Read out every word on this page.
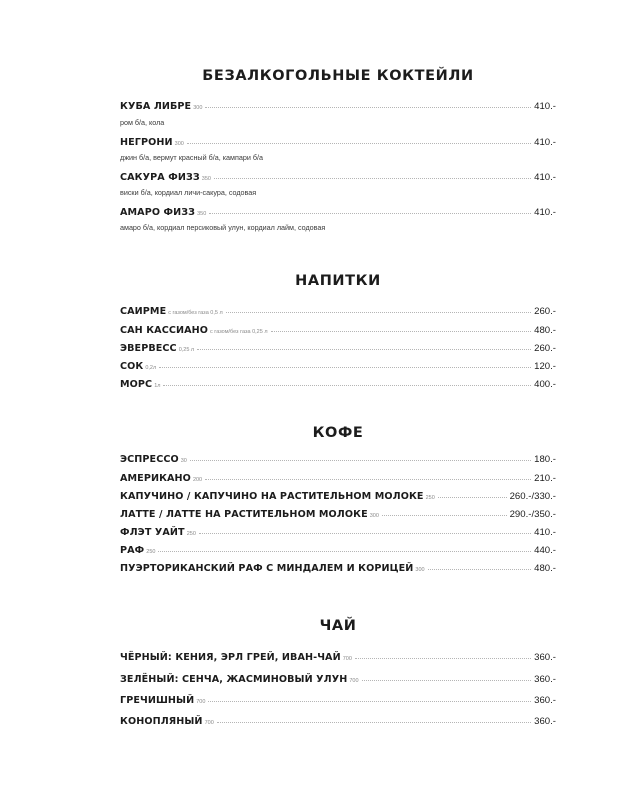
БЕЗАЛКОГОЛЬНЫЕ КОКТЕЙЛИ
КУБА ЛИБРЕ 300	410.-
ром б/а, кола
НЕГРОНИ 300	410.-
джин б/а, вермут красный б/а, кампари б/а
САКУРА ФИЗЗ 350	410.-
виски б/а, кордиал личи-сакура, содовая
АМАРО ФИЗЗ 350	410.-
амаро б/а, кордиал персиковый улун, кордиал лайм, содовая
НАПИТКИ
САИРМЕ с газом/без газа 0,5 л	260.-
САН КАССИАНО с газом/без газа 0,25 л	480.-
ЭВЕРВЕСС 0,25 л	260.-
СОК 0,2л	120.-
МОРС 1л	400.-
КОФЕ
ЭСПРЕССО 30	180.-
АМЕРИКАНО 200	210.-
КАПУЧИНО / КАПУЧИНО НА РАСТИТЕЛЬНОМ МОЛОКЕ 250	260.-/330.-
ЛАТТЕ / ЛАТТЕ НА РАСТИТЕЛЬНОМ МОЛОКЕ 300	290.-/350.-
ФЛЭТ УАЙТ 250	410.-
РАФ 250	440.-
ПУЭРТОРИКАНСКИЙ РАФ С МИНДАЛЕМ И КОРИЦЕЙ 300	480.-
ЧАЙ
ЧЁРНЫЙ: КЕНИЯ, ЭРЛ ГРЕЙ, ИВАН-ЧАЙ 700	360.-
ЗЕЛЁНЫЙ: СЕНЧА, ЖАСМИНОВЫЙ УЛУН 700	360.-
ГРЕЧИШНЫЙ 700	360.-
КОНОПЛЯНЫЙ 700	360.-
